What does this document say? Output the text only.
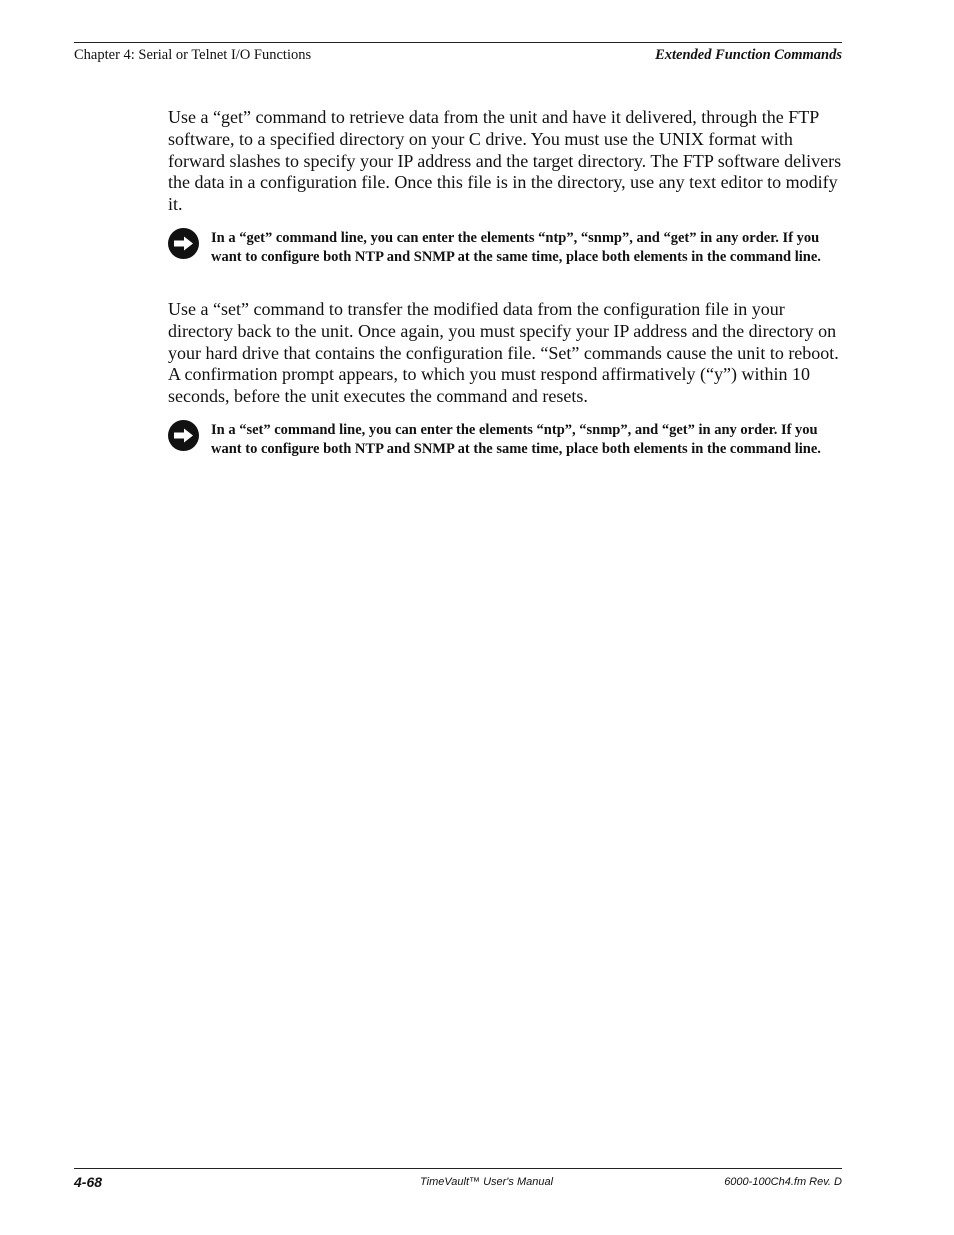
Chapter 4: Serial or Telnet I/O Functions	Extended Function Commands

Use a “get” command to retrieve data from the unit and have it delivered, through the FTP software, to a specified directory on your C drive. You must use the UNIX format with forward slashes to specify your IP address and the target directory. The FTP software delivers the data in a configuration file. Once this file is in the directory, use any text editor to modify it.

In a “get” command line, you can enter the elements “ntp”, “snmp”, and “get” in any order. If you want to configure both NTP and SNMP at the same time, place both elements in the command line.

Use a “set” command to transfer the modified data from the configuration file in your directory back to the unit. Once again, you must specify your IP address and the directory on your hard drive that contains the configuration file. “Set” commands cause the unit to reboot. A confirmation prompt appears, to which you must respond affirmatively (“y”) within 10 seconds, before the unit executes the command and resets.

In a “set” command line, you can enter the elements “ntp”, “snmp”, and “get” in any order. If you want to configure both NTP and SNMP at the same time, place both elements in the command line.
4-68	TimeVault™ User's Manual	6000-100Ch4.fm Rev. D
